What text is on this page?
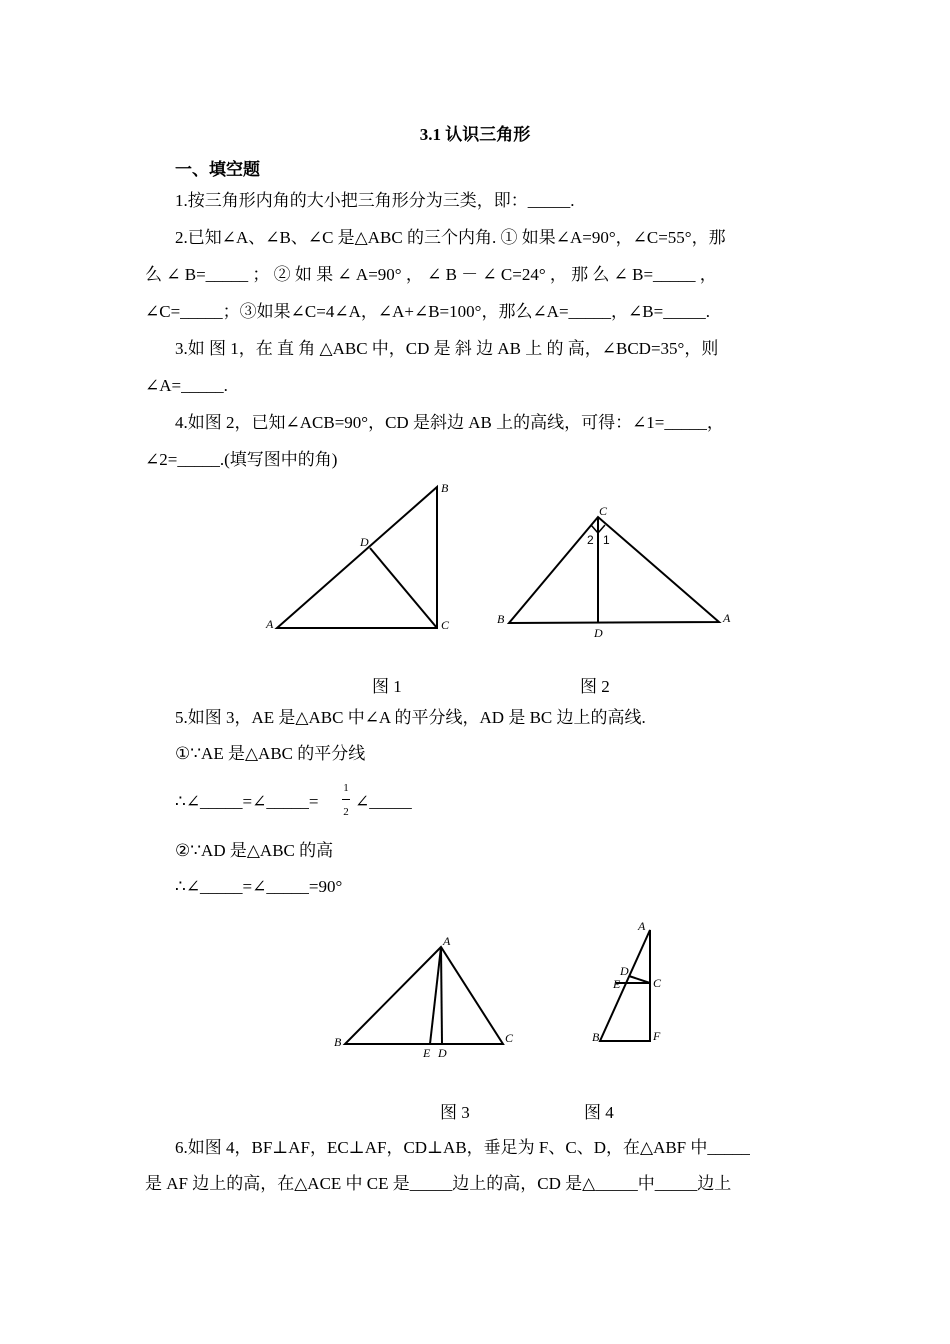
3.1 认识三角形
一、填空题
1.按三角形内角的大小把三角形分为三类，即：_____.
2.已知∠A、∠B、∠C 是△ABC 的三个内角. ① 如果∠A=90°，∠C=55°，那
么 ∠ B=_____ ； ② 如 果 ∠ A=90° ， ∠ B － ∠ C=24° ， 那 么 ∠ B=_____ ，
∠C=_____；③如果∠C=4∠A，∠A+∠B=100°，那么∠A=_____，∠B=_____.
3.如 图 1，在 直 角 △ABC 中，CD 是 斜 边 AB 上 的 高，∠BCD=35°，则
∠A=_____.
4.如图 2，已知∠ACB=90°，CD 是斜边 AB 上的高线，可得：∠1=_____，
∠2=_____.(填写图中的角)
A
B
C
D
C
B	A
D
2 1
A
B	C
E D
A
D
E	C
B	F
图 1	图 2
5.如图 3，AE 是△ABC 中∠A 的平分线，AD 是 BC 边上的高线.
①∵AE 是△ABC 的平分线
∴∠_____=∠_____=
1
2
∠_____
②∵AD 是△ABC 的高
∴∠_____=∠_____=90°
图 3	图 4
6.如图 4，BF⊥AF，EC⊥AF，CD⊥AB，垂足为 F、C、D，在△ABF 中_____
是 AF 边上的高，在△ACE 中 CE 是_____边上的高，CD 是△_____中_____边上
